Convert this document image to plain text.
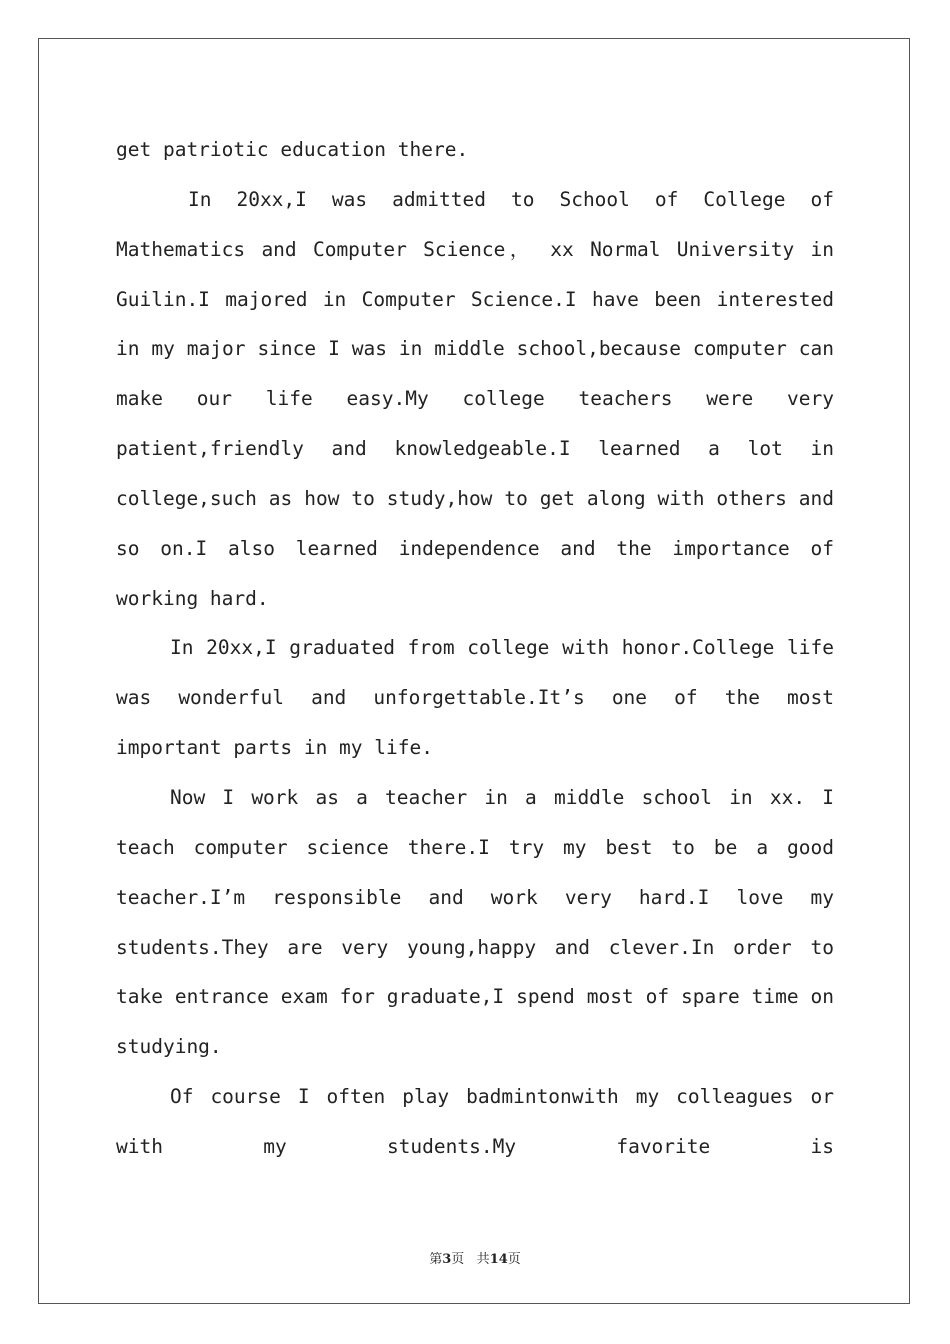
get patriotic education there.

In 20xx,I was admitted to School of College of Mathematics and Computer Science， xx Normal University in Guilin.I majored in Computer Science.I have been interested in my major since I was in middle school,because computer can make our life easy.My college teachers were very patient,friendly and knowledgeable.I learned a lot in college,such as how to study,how to get along with others and so on.I also learned independence and the importance of working hard.

In 20xx,I graduated from college with honor.College life was wonderful and unforgettable.It’s one of the most important parts in my life.

Now I work as a teacher in a middle school in xx. I teach computer science there.I try my best to be a good teacher.I’m responsible and work very hard.I love my students.They are very young,happy and clever.In order to take entrance exam for graduate,I spend most of spare time on studying.

Of course I often play badmintonwith my colleagues or with my students.My favorite is

第3页 共14页
